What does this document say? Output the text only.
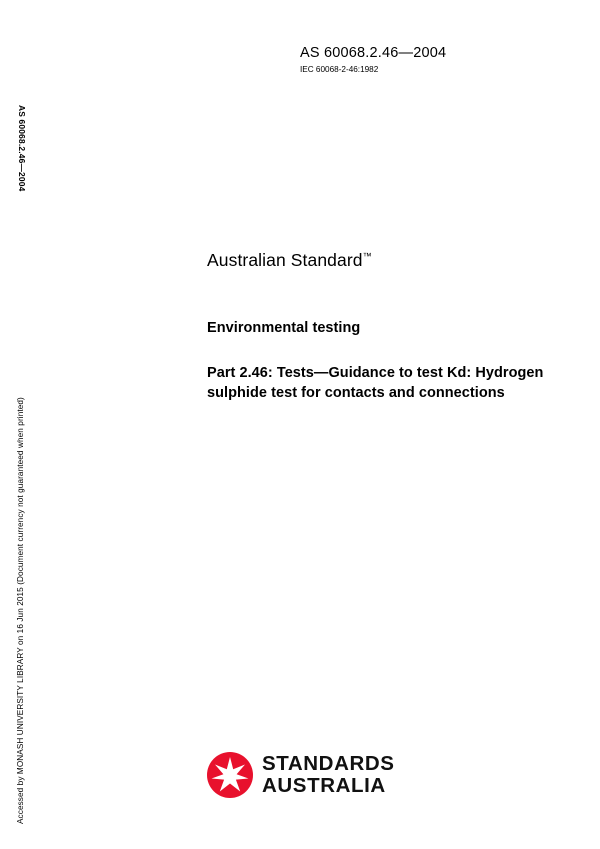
AS 60068.2.46—2004
IEC 60068-2-46:1982
AS 60068.2.46—2004
Accessed by MONASH UNIVERSITY LIBRARY on 16 Jun 2015 (Document currency not guaranteed when printed)
Australian Standard™
Environmental testing
Part 2.46: Tests—Guidance to test Kd: Hydrogen sulphide test for contacts and connections
STANDARDS
AUSTRALIA
